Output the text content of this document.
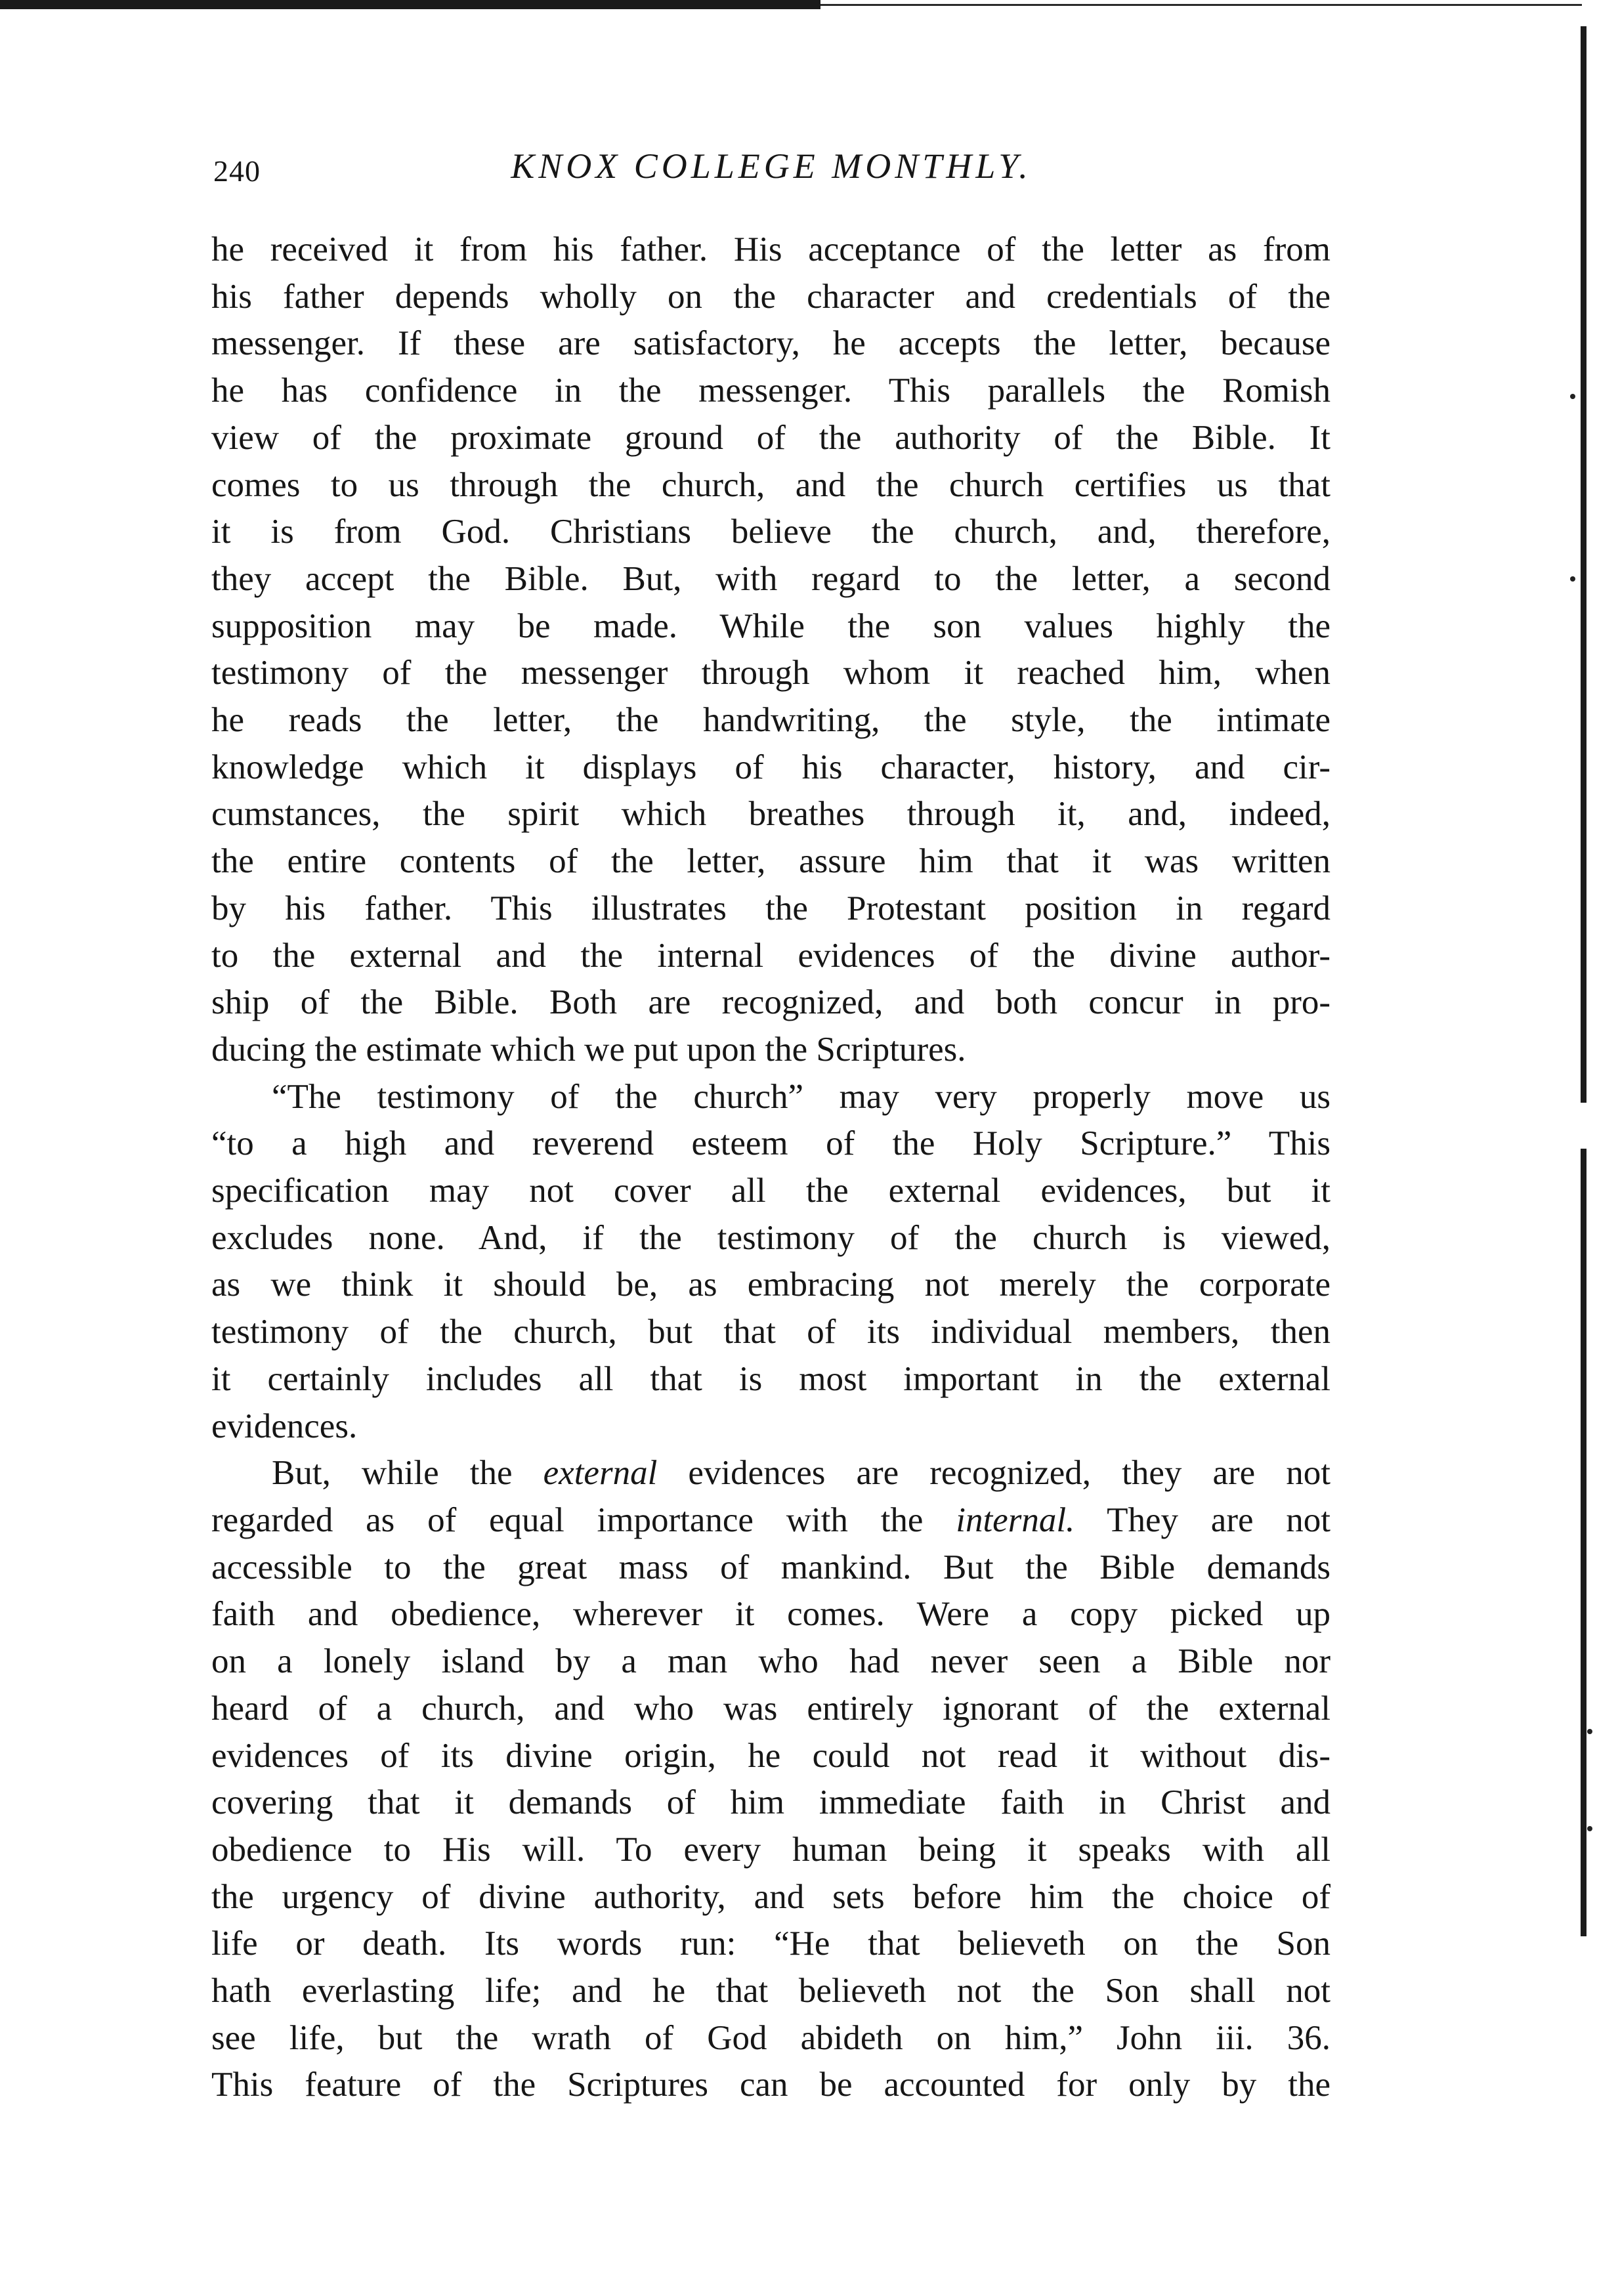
240	KNOX COLLEGE MONTHLY.
he received it from his father. His acceptance of the letter as from
his father depends wholly on the character and credentials of the
messenger. If these are satisfactory, he accepts the letter, because
he has confidence in the messenger. This parallels the Romish
view of the proximate ground of the authority of the Bible. It
comes to us through the church, and the church certifies us that
it is from God. Christians believe the church, and, therefore,
they accept the Bible. But, with regard to the letter, a second
supposition may be made. While the son values highly the
testimony of the messenger through whom it reached him, when
he reads the letter, the handwriting, the style, the intimate
knowledge which it displays of his character, history, and cir-
cumstances, the spirit which breathes through it, and, indeed,
the entire contents of the letter, assure him that it was written
by his father. This illustrates the Protestant position in regard
to the external and the internal evidences of the divine author-
ship of the Bible. Both are recognized, and both concur in pro-
ducing the estimate which we put upon the Scriptures.
“The testimony of the church” may very properly move us
“to a high and reverend esteem of the Holy Scripture.” This
specification may not cover all the external evidences, but it
excludes none. And, if the testimony of the church is viewed,
as we think it should be, as embracing not merely the corporate
testimony of the church, but that of its individual members, then
it certainly includes all that is most important in the external
evidences.
But, while the external evidences are recognized, they are not
regarded as of equal importance with the internal. They are not
accessible to the great mass of mankind. But the Bible demands
faith and obedience, wherever it comes. Were a copy picked up
on a lonely island by a man who had never seen a Bible nor
heard of a church, and who was entirely ignorant of the external
evidences of its divine origin, he could not read it without dis-
covering that it demands of him immediate faith in Christ and
obedience to His will. To every human being it speaks with all
the urgency of divine authority, and sets before him the choice of
life or death. Its words run: “He that believeth on the Son
hath everlasting life; and he that believeth not the Son shall not
see life, but the wrath of God abideth on him,” John iii. 36.
This feature of the Scriptures can be accounted for only by the
